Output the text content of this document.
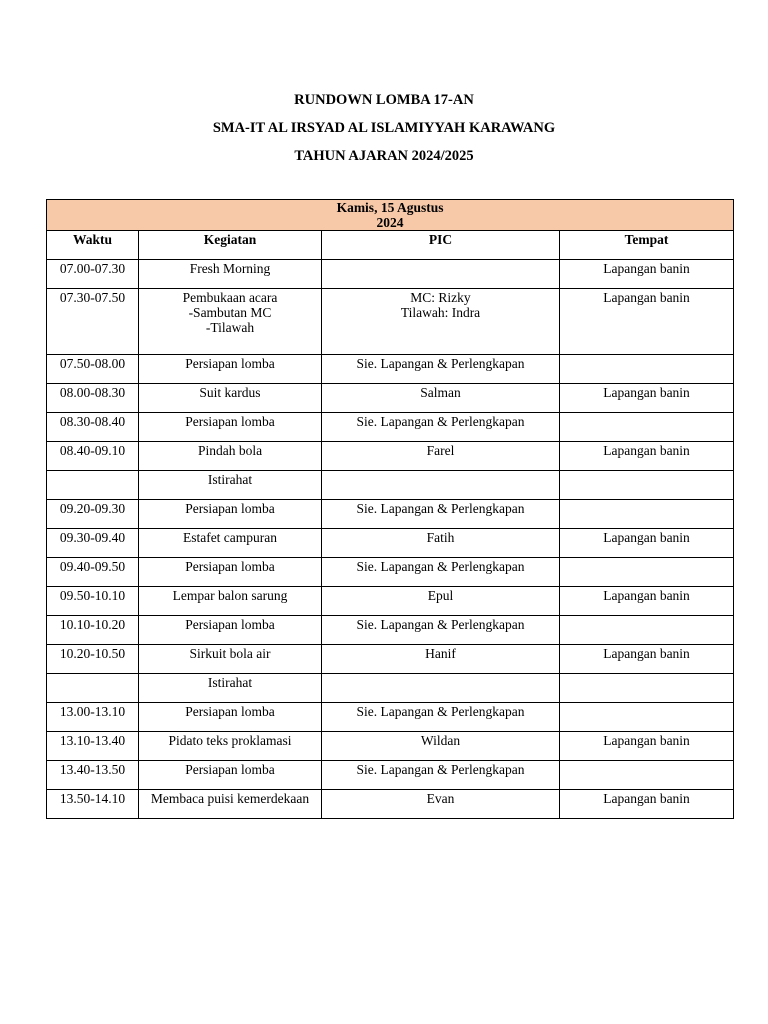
RUNDOWN LOMBA 17-AN
SMA-IT AL IRSYAD AL ISLAMIYYAH KARAWANG
TAHUN AJARAN 2024/2025
Kamis, 15 Agustus
2024			

Waktu	Kegiatan	PIC	Tempat
07.00-07.30	Fresh Morning		Lapangan banin
07.30-07.50	Pembukaan acara
-Sambutan MC
-Tilawah	MC: Rizky
Tilawah: Indra	Lapangan banin
07.50-08.00	Persiapan lomba	Sie. Lapangan & Perlengkapan	

08.00-08.30	Suit kardus	Salman	Lapangan banin
08.30-08.40	Persiapan lomba	Sie. Lapangan & Perlengkapan	

08.40-09.10	Pindah bola	Farel	Lapangan banin

	Istirahat		

09.20-09.30	Persiapan lomba	Sie. Lapangan & Perlengkapan	

09.30-09.40	Estafet campuran	Fatih	Lapangan banin
09.40-09.50	Persiapan lomba	Sie. Lapangan & Perlengkapan	

09.50-10.10	Lempar balon sarung	Epul	Lapangan banin
10.10-10.20	Persiapan lomba	Sie. Lapangan & Perlengkapan	

10.20-10.50	Sirkuit bola air	Hanif	Lapangan banin

	Istirahat		

13.00-13.10	Persiapan lomba	Sie. Lapangan & Perlengkapan	

13.10-13.40	Pidato teks proklamasi	Wildan	Lapangan banin
13.40-13.50	Persiapan lomba	Sie. Lapangan & Perlengkapan	

13.50-14.10	Membaca puisi kemerdekaan	Evan	Lapangan banin
